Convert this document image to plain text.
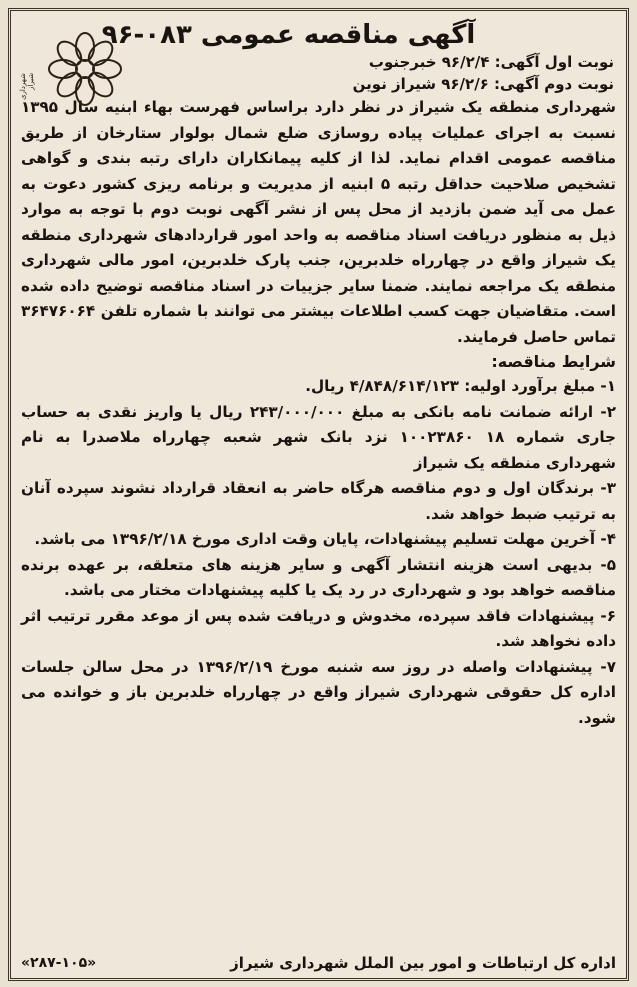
شهرداری شیراز
آگهی مناقصه عمومی ۰۸۳-۹۶
نوبت اول آگهی: ۹۶/۲/۴ خبرجنوب
نوبت دوم آگهی: ۹۶/۲/۶ شیراز نوین
شهرداری منطقه یک شیراز در نظر دارد براساس فهرست بهاء ابنیه سال ۱۳۹۵ نسبت به اجرای عملیات پیاده روسازی ضلع شمال بولوار ستارخان از طریق مناقصه عمومی اقدام نماید. لذا از کلیه پیمانکاران دارای رتبه بندی و گواهی تشخیص صلاحیت حداقل رتبه ۵ ابنیه از مدیریت و برنامه ریزی کشور دعوت به عمل می آید ضمن بازدید از محل پس از نشر آگهی نوبت دوم با توجه به موارد ذیل به منظور دریافت اسناد مناقصه به واحد امور قراردادهای شهرداری منطقه یک شیراز واقع در چهارراه خلدبرین، جنب پارک خلدبرین، امور مالی شهرداری منطقه یک مراجعه نمایند. ضمنا سایر جزییات در اسناد مناقصه توضیح داده شده است. متقاضیان جهت کسب اطلاعات بیشتر می توانند با شماره تلفن ۳۶۴۷۶۰۶۴ تماس حاصل فرمایند.
شرایط مناقصه:
۱- مبلغ برآورد اولیه: ۴/۸۴۸/۶۱۴/۱۲۳ ریال.
۲- ارائه ضمانت نامه بانکی به مبلغ ۲۴۳/۰۰۰/۰۰۰ ریال یا واریز نقدی به حساب جاری شماره ۱۸ ۱۰۰۲۳۸۶۰ نزد بانک شهر شعبه چهارراه ملاصدرا به نام شهرداری منطقه یک شیراز
۳- برندگان اول و دوم مناقصه هرگاه حاضر به انعقاد قرارداد نشوند سپرده آنان به ترتیب ضبط خواهد شد.
۴- آخرین مهلت تسلیم پیشنهادات، پایان وقت اداری مورخ ۱۳۹۶/۲/۱۸ می باشد.
۵- بدیهی است هزینه انتشار آگهی و سایر هزینه های متعلقه، بر عهده برنده مناقصه خواهد بود و شهرداری در رد یک یا کلیه پیشنهادات مختار می باشد.
۶- پیشنهادات فاقد سپرده، مخدوش و دریافت شده پس از موعد مقرر ترتیب اثر داده نخواهد شد.
۷- پیشنهادات واصله در روز سه شنبه مورخ ۱۳۹۶/۲/۱۹ در محل سالن جلسات اداره کل حقوقی شهرداری شیراز واقع در چهارراه خلدبرین باز و خوانده می شود.
اداره کل ارتباطات و امور بین الملل شهرداری شیراز
«۲۸۷-۱۰۵»
